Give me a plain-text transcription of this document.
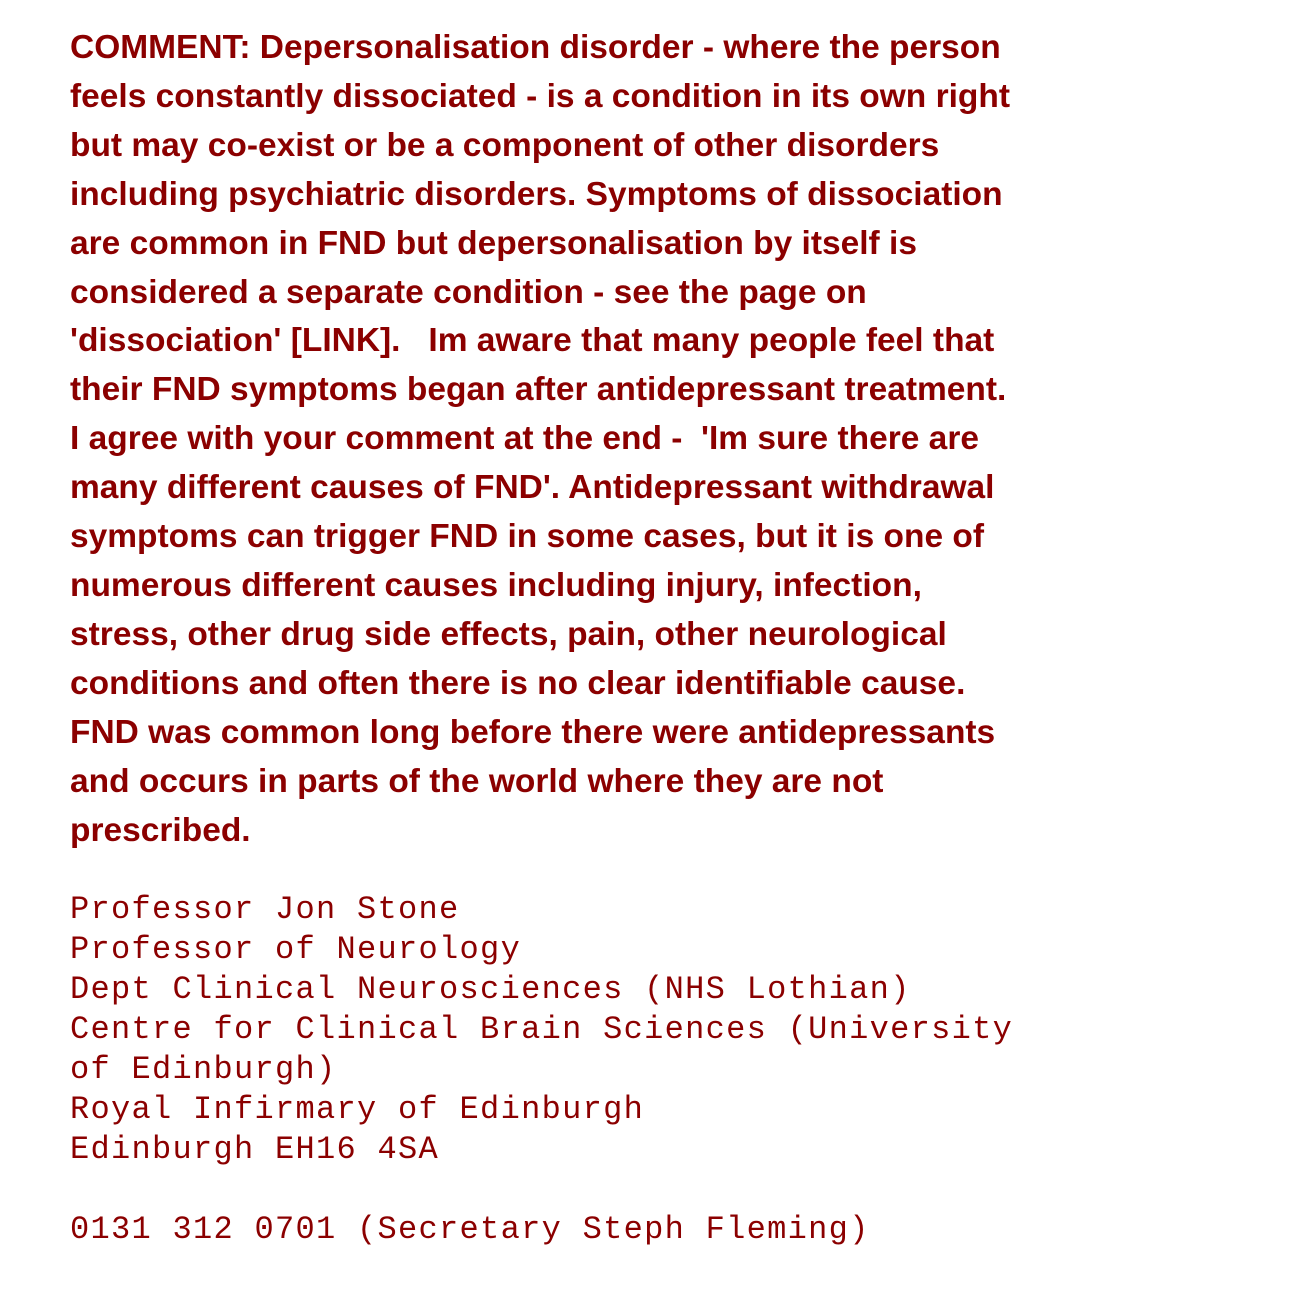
COMMENT: Depersonalisation disorder - where the person
feels constantly dissociated - is a condition in its own right
but may co-exist or be a component of other disorders
including psychiatric disorders. Symptoms of dissociation
are common in FND but depersonalisation by itself is
considered a separate condition - see the page on
'dissociation' [LINK].   Im aware that many people feel that
their FND symptoms began after antidepressant treatment.
I agree with your comment at the end -  'Im sure there are
many different causes of FND'. Antidepressant withdrawal
symptoms can trigger FND in some cases, but it is one of
numerous different causes including injury, infection,
stress, other drug side effects, pain, other neurological
conditions and often there is no clear identifiable cause.
FND was common long before there were antidepressants
and occurs in parts of the world where they are not
prescribed.

Professor Jon Stone
Professor of Neurology
Dept Clinical Neurosciences (NHS Lothian)
Centre for Clinical Brain Sciences (University
of Edinburgh)
Royal Infirmary of Edinburgh
Edinburgh EH16 4SA
0131 312 0701 (Secretary Steph Fleming)
